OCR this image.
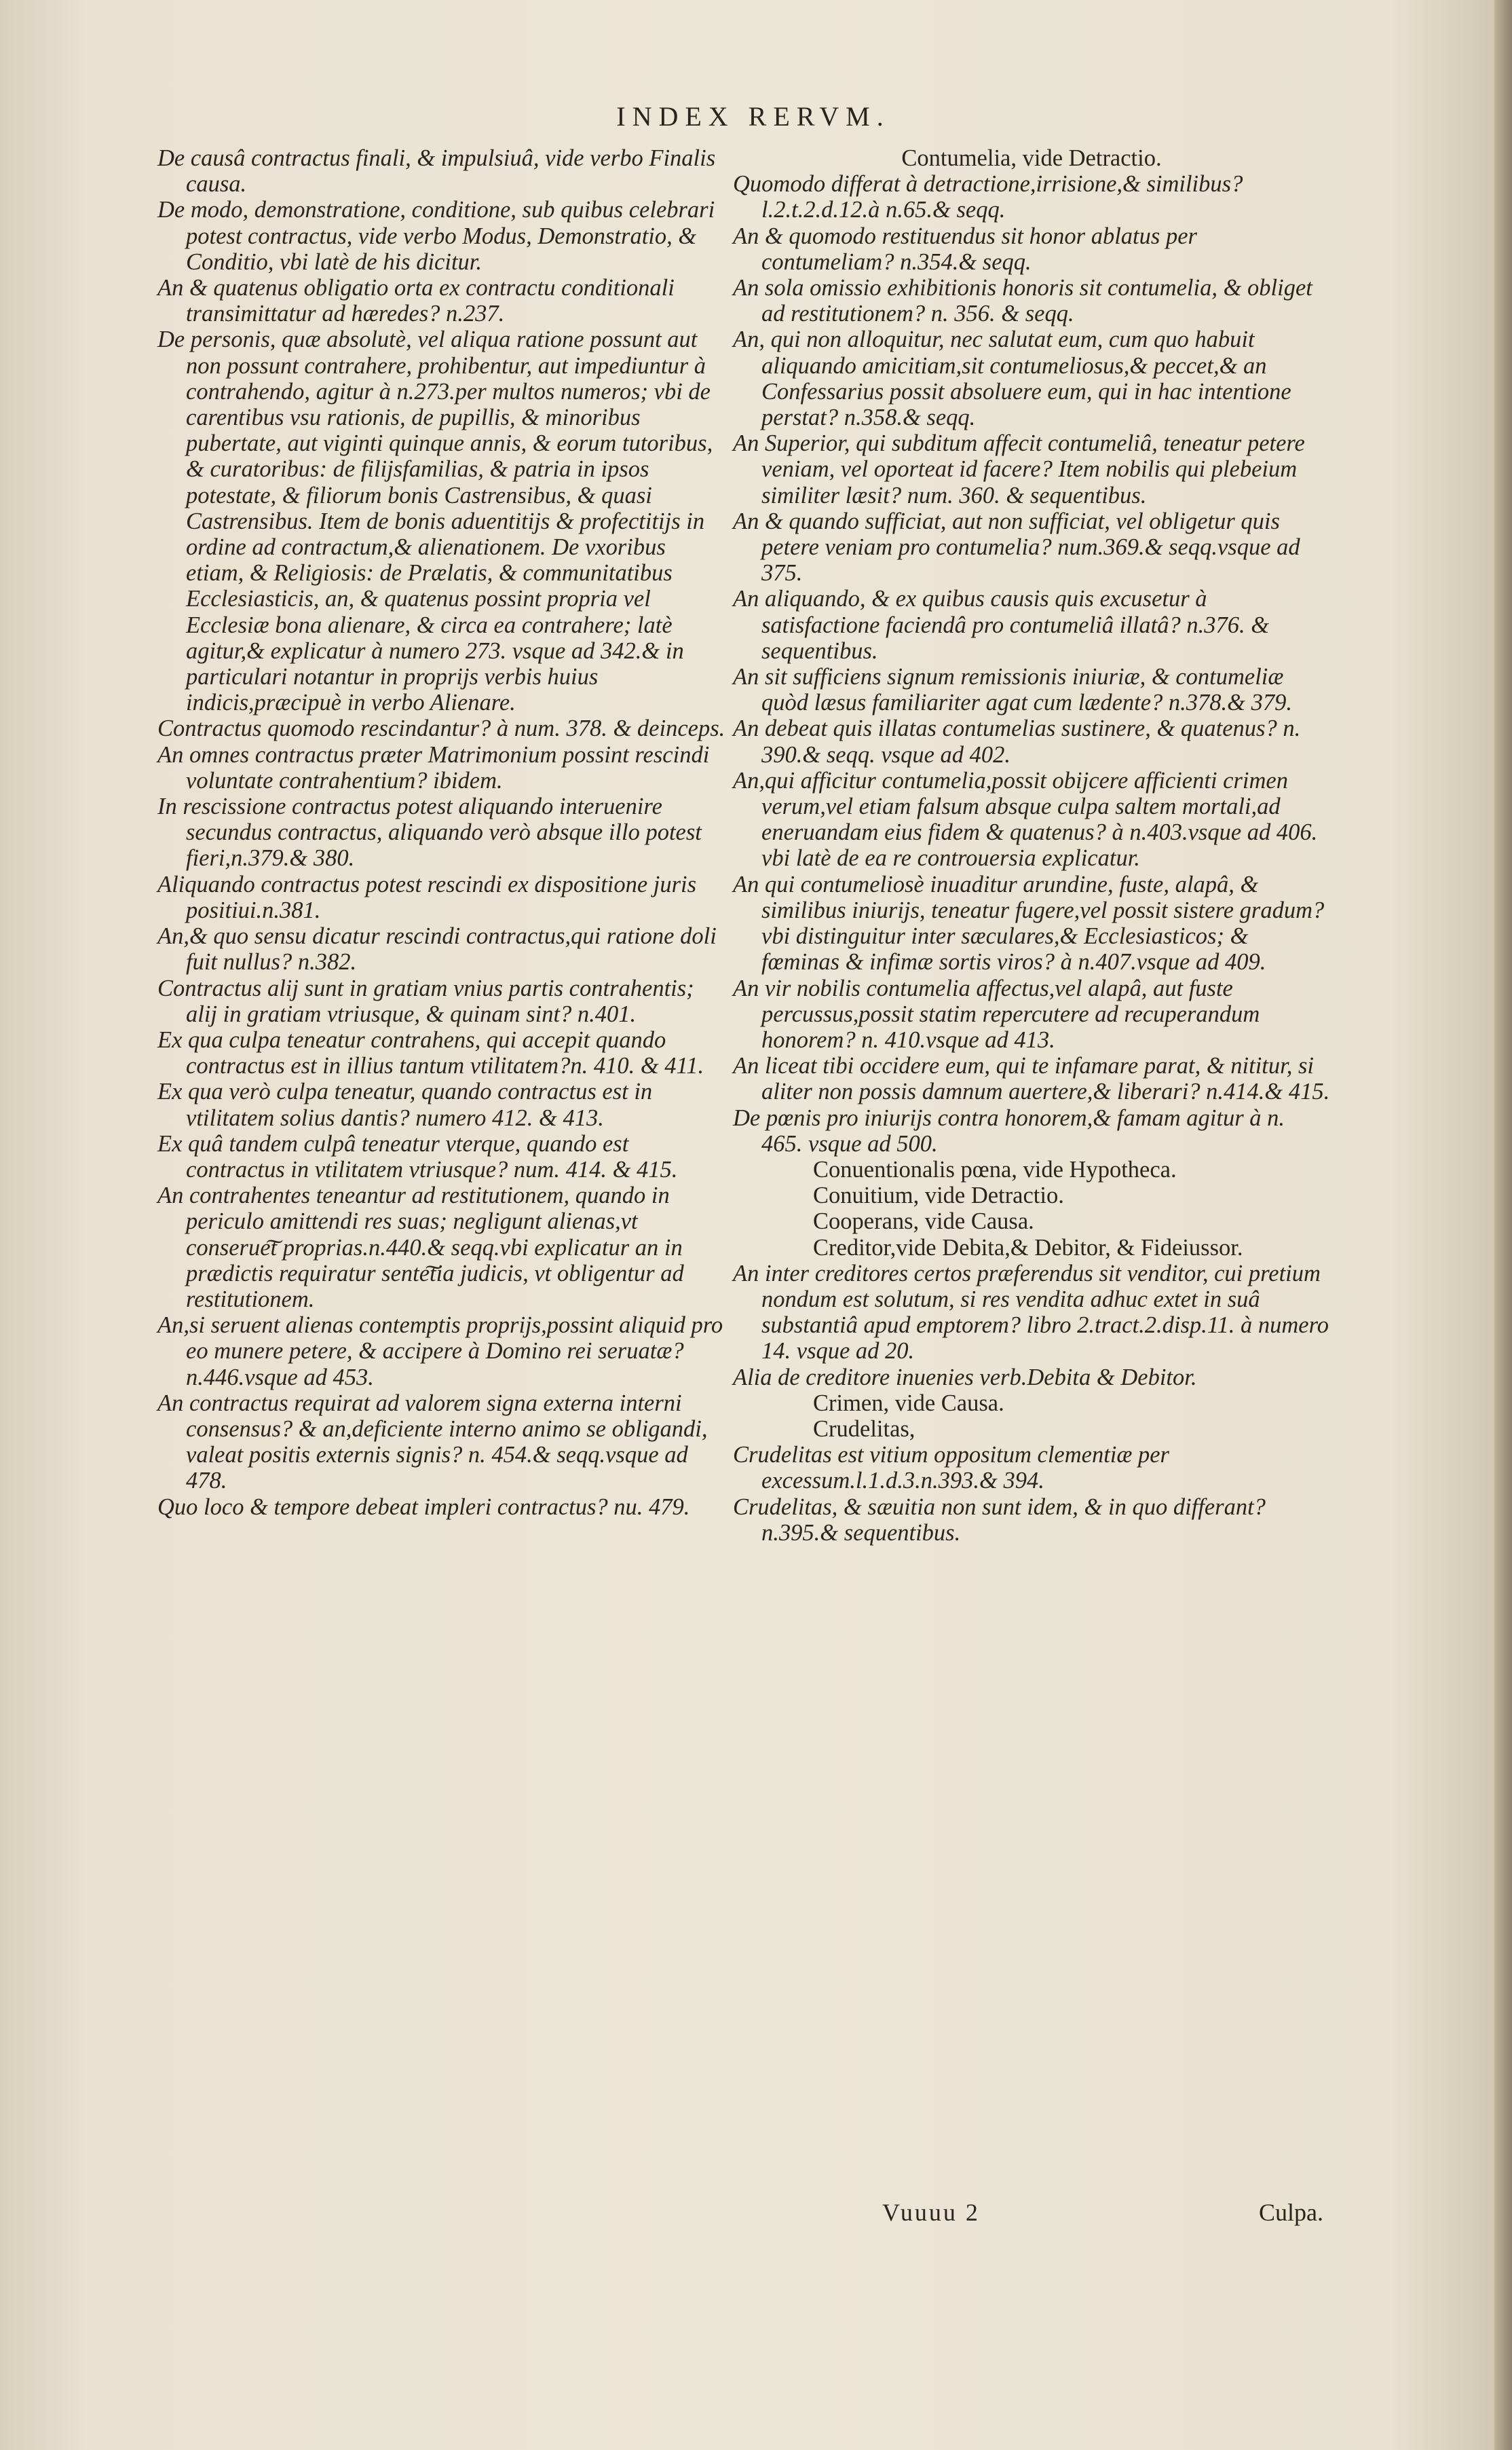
INDEX RERVM.

De causâ contractus finali, & impulsiuâ, vide verbo Finalis causa.

De modo, demonstratione, conditione, sub quibus celebrari potest contractus, vide verbo Modus, Demonstratio, & Conditio, vbi latè de his dicitur.

An & quatenus obligatio orta ex contractu conditionali transimittatur ad hæredes? n.237.

De personis, quæ absolutè, vel aliqua ratione possunt aut non possunt contrahere, prohibentur, aut impediuntur à contrahendo, agitur à n.273.per multos numeros; vbi de carentibus vsu rationis, de pupillis, & minoribus pubertate, aut viginti quinque annis, & eorum tutoribus, & curatoribus: de filijsfamilias, & patria in ipsos potestate, & filiorum bonis Castrensibus, & quasi Castrensibus. Item de bonis aduentitijs & profectitijs in ordine ad contractum,& alienationem. De vxoribus etiam, & Religiosis: de Prælatis, & communitatibus Ecclesiasticis, an, & quatenus possint propria vel Ecclesiæ bona alienare, & circa ea contrahere; latè agitur,& explicatur à numero 273. vsque ad 342.& in particulari notantur in proprijs verbis huius indicis,præcipuè in verbo Alienare.

Contractus quomodo rescindantur? à num. 378. & deinceps.

An omnes contractus præter Matrimonium possint rescindi voluntate contrahentium? ibidem.

In rescissione contractus potest aliquando interuenire secundus contractus, aliquando verò absque illo potest fieri,n.379.& 380.

Aliquando contractus potest rescindi ex dispositione juris positiui.n.381.

An,& quo sensu dicatur rescindi contractus,qui ratione doli fuit nullus? n.382.

Contractus alij sunt in gratiam vnius partis contrahentis; alij in gratiam vtriusque, & quinam sint? n.401.

Ex qua culpa teneatur contrahens, qui accepit quando contractus est in illius tantum vtilitatem?n. 410. & 411.

Ex qua verò culpa teneatur, quando contractus est in vtilitatem solius dantis? numero 412. & 413.

Ex quâ tandem culpâ teneatur vterque, quando est contractus in vtilitatem vtriusque? num. 414. & 415.

An contrahentes teneantur ad restitutionem, quando in periculo amittendi res suas; negligunt alienas,vt conserue͠t proprias.n.440.& seqq.vbi explicatur an in prædictis requiratur sente͠tia judicis, vt obligentur ad restitutionem.

An,si seruent alienas contemptis proprijs,possint aliquid pro eo munere petere, & accipere à Domino rei seruatæ? n.446.vsque ad 453.

An contractus requirat ad valorem signa externa interni consensus? & an,deficiente interno animo se obligandi, valeat positis externis signis? n. 454.& seqq.vsque ad 478.

Quo loco & tempore debeat impleri contractus? nu. 479.

Contumelia, vide Detractio.

Quomodo differat à detractione,irrisione,& similibus? l.2.t.2.d.12.à n.65.& seqq.

An & quomodo restituendus sit honor ablatus per contumeliam? n.354.& seqq.

An sola omissio exhibitionis honoris sit contumelia, & obliget ad restitutionem? n. 356. & seqq.

An, qui non alloquitur, nec salutat eum, cum quo habuit aliquando amicitiam,sit contumeliosus,& peccet,& an Confessarius possit absoluere eum, qui in hac intentione perstat? n.358.& seqq.

An Superior, qui subditum affecit contumeliâ, teneatur petere veniam, vel oporteat id facere? Item nobilis qui plebeium similiter læsit? num. 360. & sequentibus.

An & quando sufficiat, aut non sufficiat, vel obligetur quis petere veniam pro contumelia? num.369.& seqq.vsque ad 375.

An aliquando, & ex quibus causis quis excusetur à satisfactione faciendâ pro contumeliâ illatâ? n.376. & sequentibus.

An sit sufficiens signum remissionis iniuriæ, & contumeliæ quòd læsus familiariter agat cum lædente? n.378.& 379.

An debeat quis illatas contumelias sustinere, & quatenus? n. 390.& seqq. vsque ad 402.

An,qui afficitur contumelia,possit obijcere afficienti crimen verum,vel etiam falsum absque culpa saltem mortali,ad eneruandam eius fidem & quatenus? à n.403.vsque ad 406. vbi latè de ea re controuersia explicatur.

An qui contumeliosè inuaditur arundine, fuste, alapâ, & similibus iniurijs, teneatur fugere,vel possit sistere gradum? vbi distinguitur inter sæculares,& Ecclesiasticos; & fœminas & infimæ sortis viros? à n.407.vsque ad 409.

An vir nobilis contumelia affectus,vel alapâ, aut fuste percussus,possit statim repercutere ad recuperandum honorem? n. 410.vsque ad 413.

An liceat tibi occidere eum, qui te infamare parat, & nititur, si aliter non possis damnum auertere,& liberari? n.414.& 415.

De pœnis pro iniurijs contra honorem,& famam agitur à n. 465. vsque ad 500.

Conuentionalis pœna, vide Hypotheca.

Conuitium, vide Detractio.

Cooperans, vide Causa.

Creditor,vide Debita,& Debitor, & Fideiussor.

An inter creditores certos præferendus sit venditor, cui pretium nondum est solutum, si res vendita adhuc extet in suâ substantiâ apud emptorem? libro 2.tract.2.disp.11. à numero 14. vsque ad 20.

Alia de creditore inuenies verb.Debita & Debitor.

Crimen, vide Causa.

Crudelitas,

Crudelitas est vitium oppositum clementiæ per excessum.l.1.d.3.n.393.& 394.

Crudelitas, & sæuitia non sunt idem, & in quo differant? n.395.& sequentibus.

Vuuuu 2	Culpa.
